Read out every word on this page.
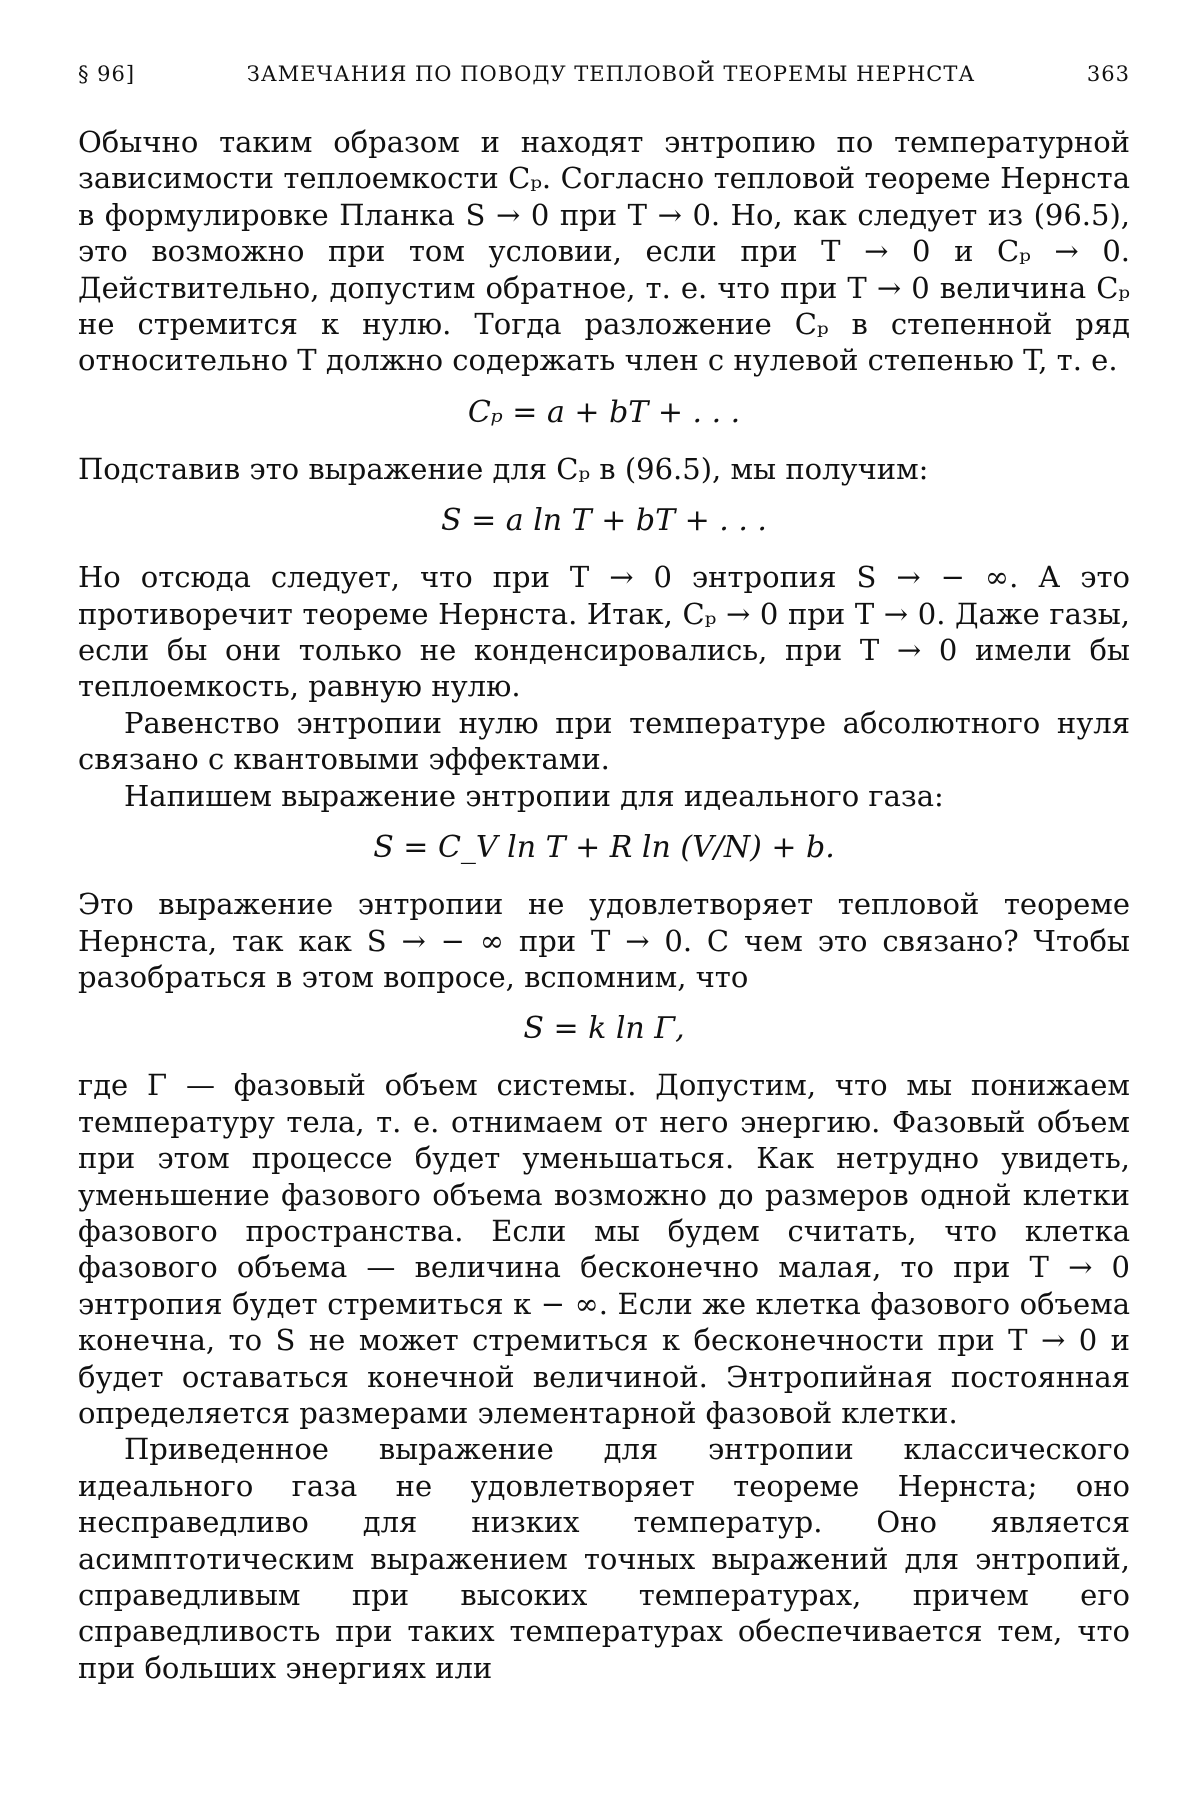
§ 96]	ЗАМЕЧАНИЯ ПО ПОВОДУ ТЕПЛОВОЙ ТЕОРЕМЫ НЕРНСТА	363

Обычно таким образом и находят энтропию по температурной зависимости теплоемкости Cₚ. Согласно тепловой теореме Нернста в формулировке Планка S → 0 при T → 0. Но, как следует из (96.5), это возможно при том условии, если при T → 0 и Cₚ → 0. Действительно, допустим обратное, т. е. что при T → 0 величина Cₚ не стремится к нулю. Тогда разложение Cₚ в степенной ряд относительно T должно содержать член с нулевой степенью T, т. е.

Cₚ = a + bT + . . .

Подставив это выражение для Cₚ в (96.5), мы получим:

S = a ln T + bT + . . .

Но отсюда следует, что при T → 0 энтропия S → − ∞. А это противоречит теореме Нернста. Итак, Cₚ → 0 при T → 0. Даже газы, если бы они только не конденсировались, при T → 0 имели бы теплоемкость, равную нулю.

Равенство энтропии нулю при температуре абсолютного нуля связано с квантовыми эффектами.

Напишем выражение энтропии для идеального газа:

S = C_V ln T + R ln (V/N) + b.

Это выражение энтропии не удовлетворяет тепловой теореме Нернста, так как S → − ∞ при T → 0. С чем это связано? Чтобы разобраться в этом вопросе, вспомним, что

S = k ln Γ,

где Γ — фазовый объем системы. Допустим, что мы понижаем температуру тела, т. е. отнимаем от него энергию. Фазовый объем при этом процессе будет уменьшаться. Как нетрудно увидеть, уменьшение фазового объема возможно до размеров одной клетки фазового пространства. Если мы будем считать, что клетка фазового объема — величина бесконечно малая, то при T → 0 энтропия будет стремиться к − ∞. Если же клетка фазового объема конечна, то S не может стремиться к бесконечности при T → 0 и будет оставаться конечной величиной. Энтропийная постоянная определяется размерами элементарной фазовой клетки.

Приведенное выражение для энтропии классического идеального газа не удовлетворяет теореме Нернста; оно несправедливо для низких температур. Оно является асимптотическим выражением точных выражений для энтропий, справедливым при высоких температурах, причем его справедливость при таких температурах обеспечивается тем, что при больших энергиях или
